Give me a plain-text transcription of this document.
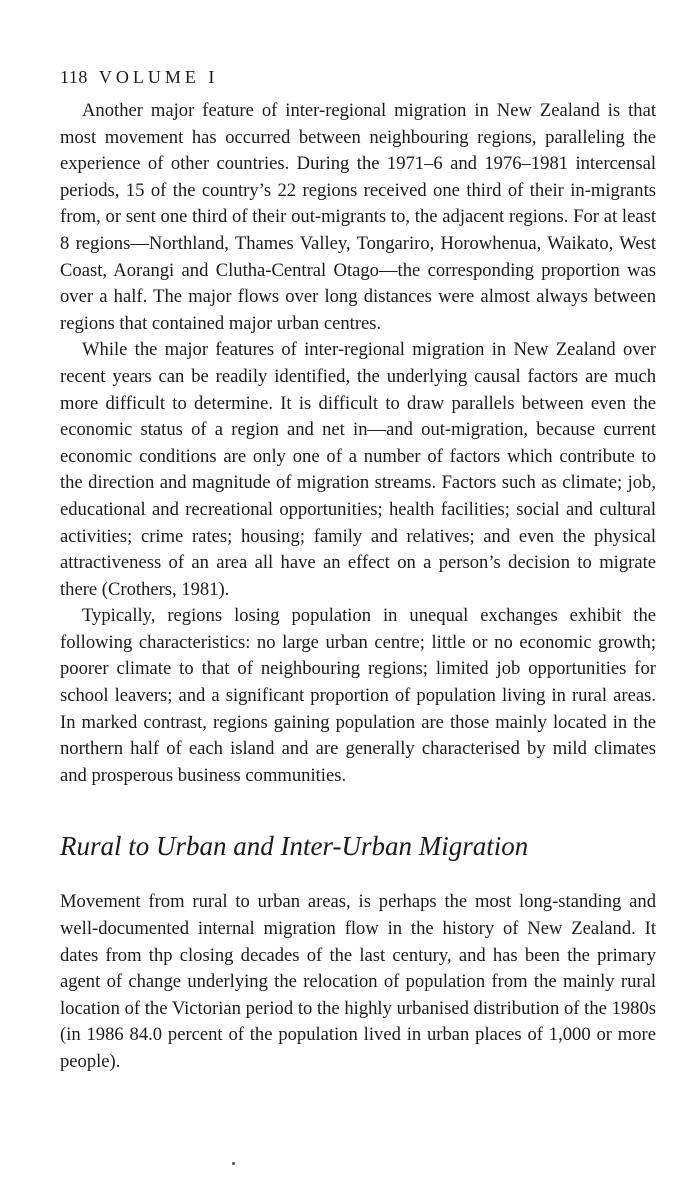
118 VOLUME I

Another major feature of inter-regional migration in New Zealand is that most movement has occurred between neighbouring regions, paralleling the experience of other countries. During the 1971–6 and 1976–1981 intercensal periods, 15 of the country’s 22 regions received one third of their in-migrants from, or sent one third of their out-migrants to, the adjacent regions. For at least 8 regions—Northland, Thames Valley, Tongariro, Horowhenua, Waikato, West Coast, Aorangi and Clutha-Central Otago—the corresponding proportion was over a half. The major flows over long distances were almost always between regions that contained major urban centres.

While the major features of inter-regional migration in New Zealand over recent years can be readily identified, the underlying causal factors are much more difficult to determine. It is difficult to draw parallels between even the economic status of a region and net in—and out-migration, because current economic conditions are only one of a number of factors which contribute to the direction and magnitude of migration streams. Factors such as climate; job, educational and recreational opportunities; health facilities; social and cultural activities; crime rates; housing; family and relatives; and even the physical attractiveness of an area all have an effect on a person’s decision to migrate there (Crothers, 1981).

Typically, regions losing population in unequal exchanges exhibit the following characteristics: no large urban centre; little or no economic growth; poorer climate to that of neighbouring regions; limited job opportunities for school leavers; and a significant proportion of population living in rural areas. In marked contrast, regions gaining population are those mainly located in the northern half of each island and are generally characterised by mild climates and prosperous business communities.

Rural to Urban and Inter-Urban Migration

Movement from rural to urban areas, is perhaps the most long-standing and well-documented internal migration flow in the history of New Zealand. It dates from thp closing decades of the last century, and has been the primary agent of change underlying the relocation of population from the mainly rural location of the Victorian period to the highly urbanised distribution of the 1980s (in 1986 84.0 percent of the population lived in urban places of 1,000 or more people).
